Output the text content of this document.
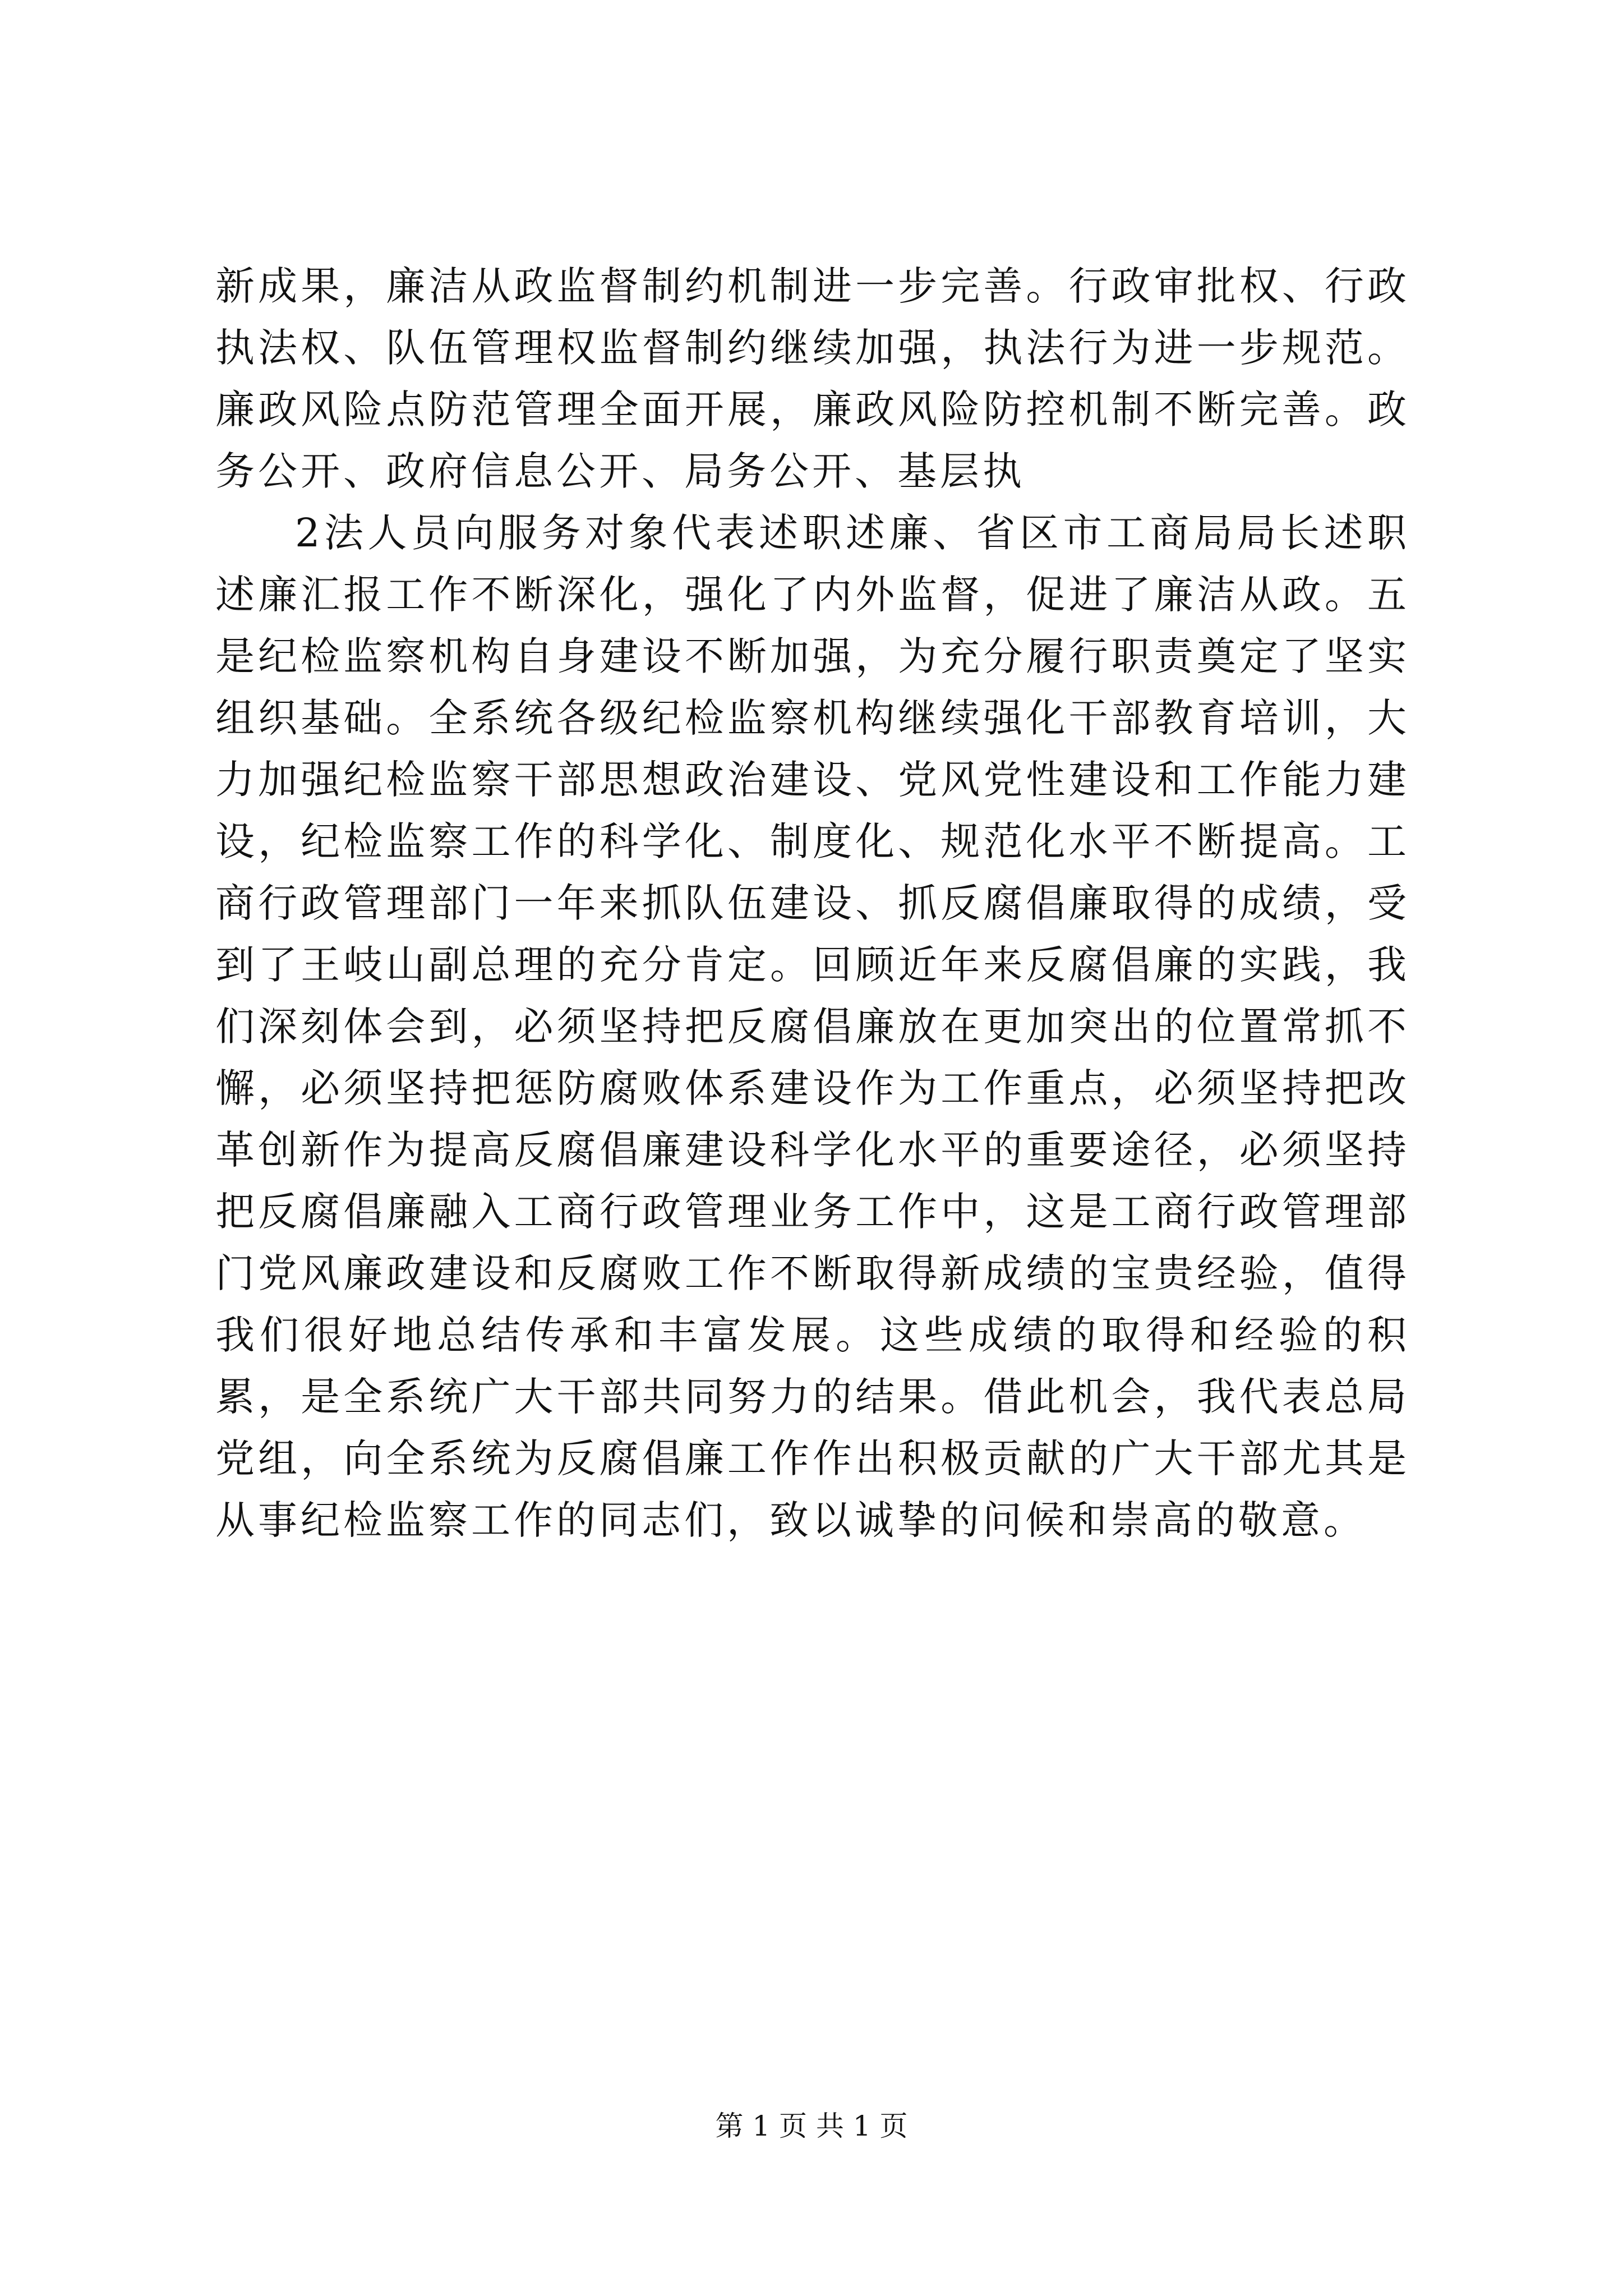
新成果，廉洁从政监督制约机制进一步完善。行政审批权、行政执法权、队伍管理权监督制约继续加强，执法行为进一步规范。廉政风险点防范管理全面开展，廉政风险防控机制不断完善。政务公开、政府信息公开、局务公开、基层执

2法人员向服务对象代表述职述廉、省区市工商局局长述职述廉汇报工作不断深化，强化了内外监督，促进了廉洁从政。五是纪检监察机构自身建设不断加强，为充分履行职责奠定了坚实组织基础。全系统各级纪检监察机构继续强化干部教育培训，大力加强纪检监察干部思想政治建设、党风党性建设和工作能力建设，纪检监察工作的科学化、制度化、规范化水平不断提高。工商行政管理部门一年来抓队伍建设、抓反腐倡廉取得的成绩，受到了王岐山副总理的充分肯定。回顾近年来反腐倡廉的实践，我们深刻体会到，必须坚持把反腐倡廉放在更加突出的位置常抓不懈，必须坚持把惩防腐败体系建设作为工作重点，必须坚持把改革创新作为提高反腐倡廉建设科学化水平的重要途径，必须坚持把反腐倡廉融入工商行政管理业务工作中，这是工商行政管理部门党风廉政建设和反腐败工作不断取得新成绩的宝贵经验，值得我们很好地总结传承和丰富发展。这些成绩的取得和经验的积累，是全系统广大干部共同努力的结果。借此机会，我代表总局党组，向全系统为反腐倡廉工作作出积极贡献的广大干部尤其是从事纪检监察工作的同志们，致以诚挚的问候和崇高的敬意。

第 1 页 共 1 页
